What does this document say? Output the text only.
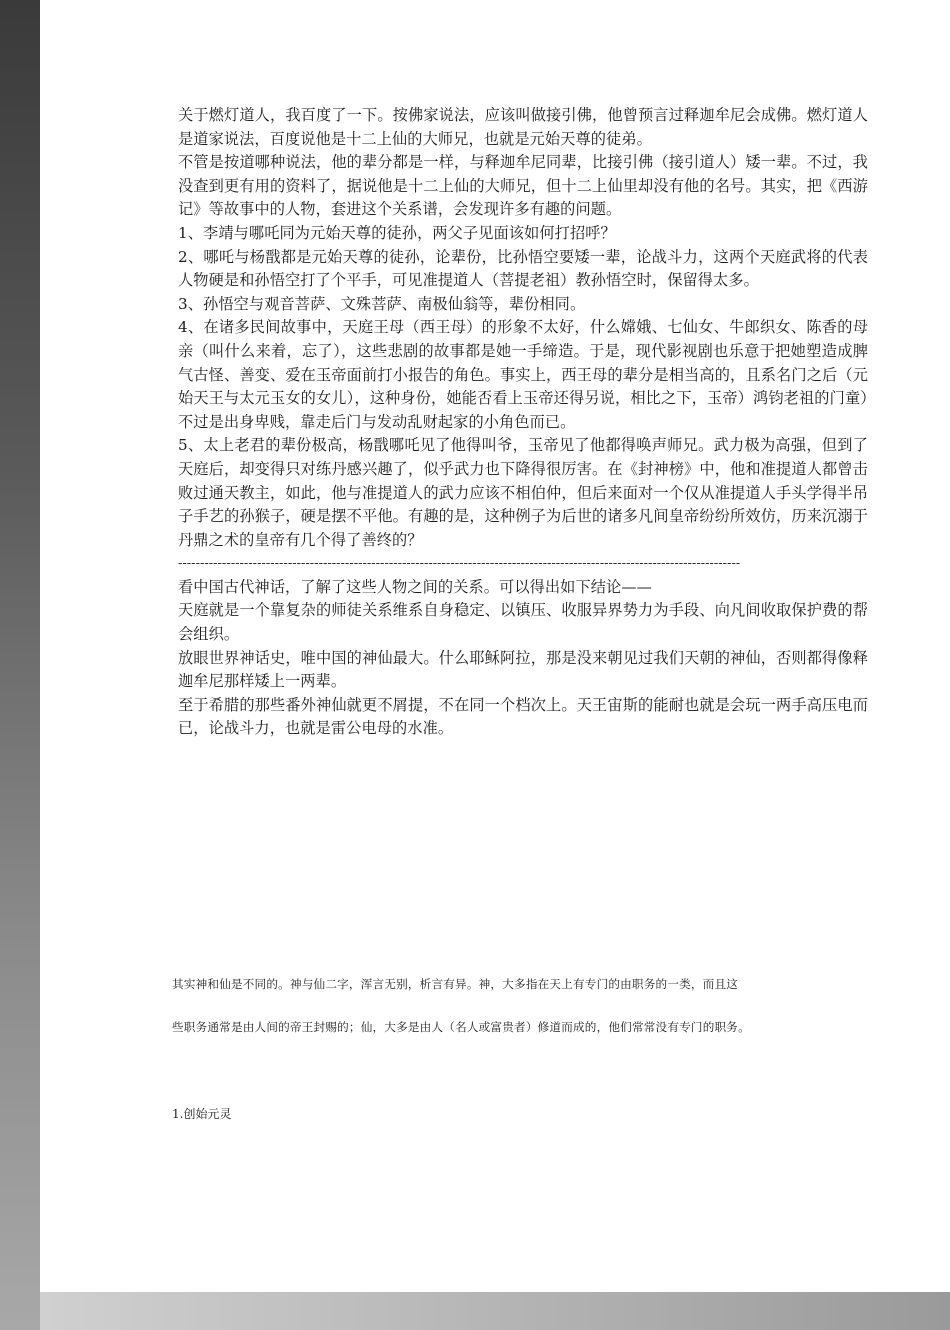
关于燃灯道人，我百度了一下。按佛家说法，应该叫做接引佛，他曾预言过释迦牟尼会成佛。燃灯道人是道家说法，百度说他是十二上仙的大师兄，也就是元始天尊的徒弟。

不管是按道哪种说法，他的辈分都是一样，与释迦牟尼同辈，比接引佛（接引道人）矮一辈。不过，我没查到更有用的资料了，据说他是十二上仙的大师兄，但十二上仙里却没有他的名号。其实，把《西游记》等故事中的人物，套进这个关系谱，会发现许多有趣的问题。

1、李靖与哪吒同为元始天尊的徒孙，两父子见面该如何打招呼？

2、哪吒与杨戬都是元始天尊的徒孙，论辈份，比孙悟空要矮一辈，论战斗力，这两个天庭武将的代表人物硬是和孙悟空打了个平手，可见准提道人（菩提老祖）教孙悟空时，保留得太多。

3、孙悟空与观音菩萨、文殊菩萨、南极仙翁等，辈份相同。

4、在诸多民间故事中，天庭王母（西王母）的形象不太好，什么嫦娥、七仙女、牛郎织女、陈香的母亲（叫什么来着，忘了），这些悲剧的故事都是她一手缔造。于是，现代影视剧也乐意于把她塑造成脾气古怪、善变、爱在玉帝面前打小报告的角色。事实上，西王母的辈分是相当高的，且系名门之后（元始天王与太元玉女的女儿），这种身份，她能否看上玉帝还得另说，相比之下，玉帝）鸿钧老祖的门童）不过是出身卑贱，靠走后门与发动乱财起家的小角色而已。

5、太上老君的辈份极高，杨戬哪吒见了他得叫爷，玉帝见了他都得唤声师兄。武力极为高强，但到了天庭后，却变得只对练丹感兴趣了，似乎武力也下降得很厉害。在《封神榜》中，他和准提道人都曾击败过通天教主，如此，他与准提道人的武力应该不相伯仲，但后来面对一个仅从准提道人手头学得半吊子手艺的孙猴子，硬是摆不平他。有趣的是，这种例子为后世的诸多凡间皇帝纷纷所效仿，历来沉溺于丹鼎之术的皇帝有几个得了善终的？

--------------------------------------------------------------------------------------------------------------------------------

看中国古代神话，了解了这些人物之间的关系。可以得出如下结论——

天庭就是一个靠复杂的师徒关系维系自身稳定、以镇压、收服异界势力为手段、向凡间收取保护费的帮会组织。

放眼世界神话史，唯中国的神仙最大。什么耶稣阿拉，那是没来朝见过我们天朝的神仙，否则都得像释迦牟尼那样矮上一两辈。

至于希腊的那些番外神仙就更不屑提，不在同一个档次上。天王宙斯的能耐也就是会玩一两手高压电而已，论战斗力，也就是雷公电母的水准。

其实神和仙是不同的。神与仙二字，浑言无别，析言有异。神，大多指在天上有专门的由职务的一类，而且这

些职务通常是由人间的帝王封赐的；仙，大多是由人（名人或富贵者）修道而成的，他们常常没有专门的职务。

1.创始元灵
